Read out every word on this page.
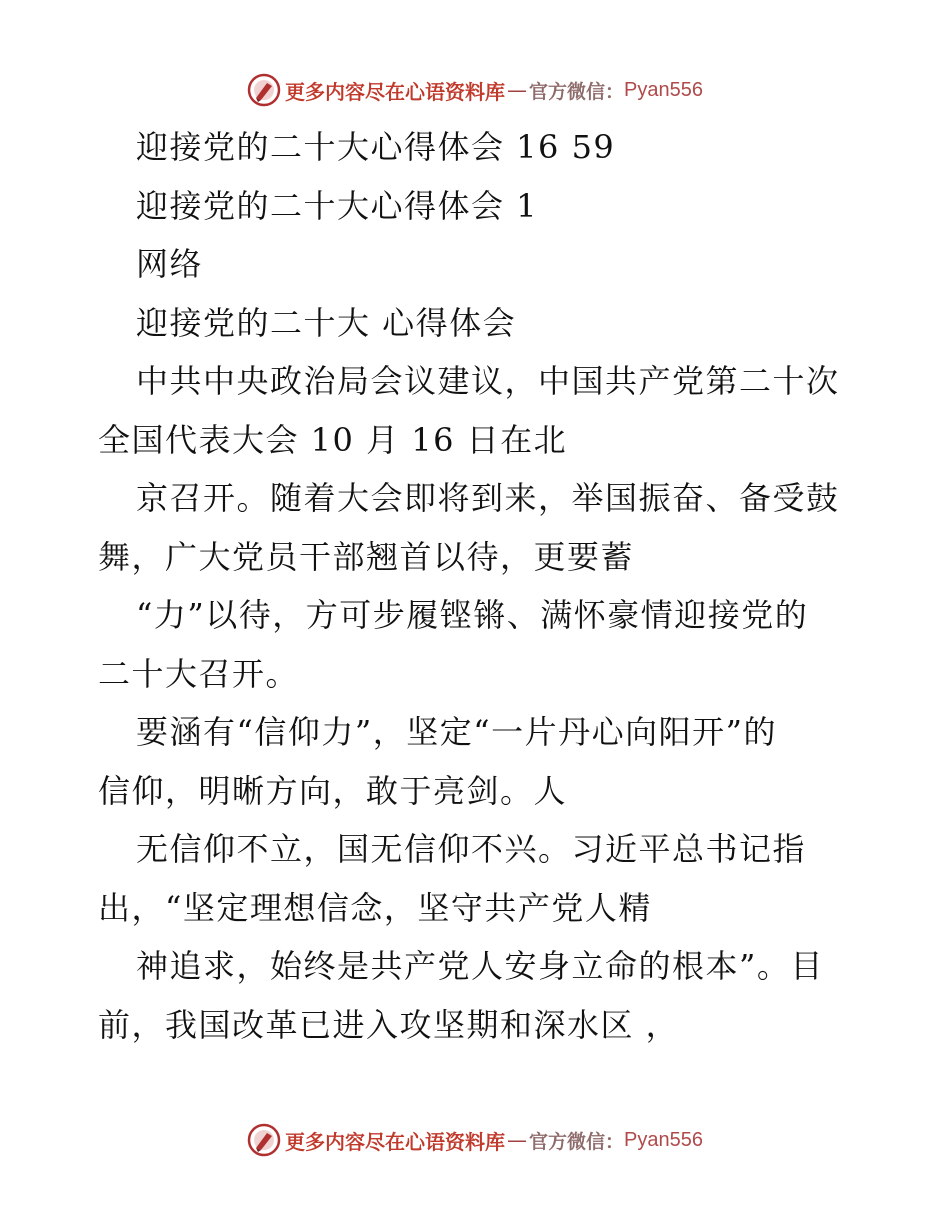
更多内容尽在心语资料库 — 官方微信： Pyan556
迎接党的二十大心得体会 16 59
迎接党的二十大心得体会 1
网络
迎接党的二十大 心得体会
中共中央政治局会议建议，中国共产党第二十次
全国代表大会 10 月 16 日在北
京召开。随着大会即将到来，举国振奋、备受鼓
舞，广大党员干部翘首以待，更要蓄
“力”以待，方可步履铿锵、满怀豪情迎接党的
二十大召开。
要涵有“信仰力”，坚定“一片丹心向阳开”的
信仰，明晰方向，敢于亮剑。人
无信仰不立，国无信仰不兴。习近平总书记指
出，“坚定理想信念，坚守共产党人精
神追求，始终是共产党人安身立命的根本”。目
前，我国改革已进入攻坚期和深水区 ，
更多内容尽在心语资料库 — 官方微信： Pyan556
